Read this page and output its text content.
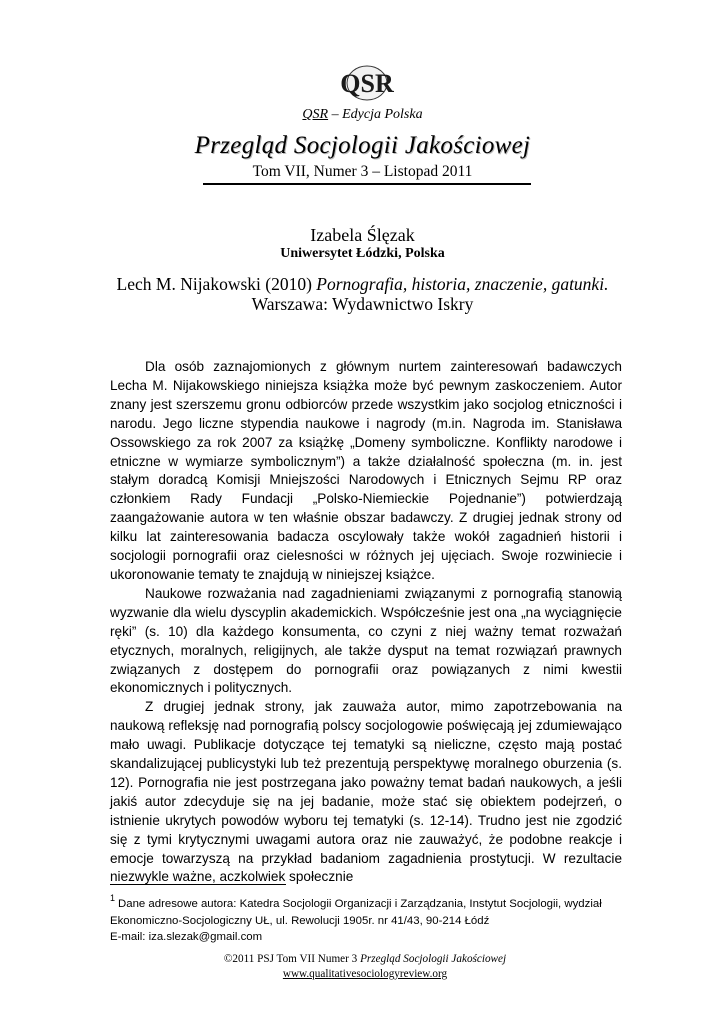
QSR
QSR – Edycja Polska
Przegląd Socjologii Jakościowej
Tom VII, Numer 3 – Listopad 2011
Izabela Ślęzak
Uniwersytet Łódzki, Polska
Lech M. Nijakowski (2010) Pornografia, historia, znaczenie, gatunki.
Warszawa: Wydawnictwo Iskry

Dla osób zaznajomionych z głównym nurtem zainteresowań badawczych Lecha M. Nijakowskiego niniejsza książka może być pewnym zaskoczeniem. Autor znany jest szerszemu gronu odbiorców przede wszystkim jako socjolog etniczności i narodu. Jego liczne stypendia naukowe i nagrody (m.in. Nagroda im. Stanisława Ossowskiego za rok 2007 za książkę „Domeny symboliczne. Konflikty narodowe i etniczne w wymiarze symbolicznym”) a także działalność społeczna (m. in. jest stałym doradcą Komisji Mniejszości Narodowych i Etnicznych Sejmu RP oraz członkiem Rady Fundacji „Polsko-Niemieckie Pojednanie”) potwierdzają zaangażowanie autora w ten właśnie obszar badawczy. Z drugiej jednak strony od kilku lat zainteresowania badacza oscylowały także wokół zagadnień historii i socjologii pornografii oraz cielesności w różnych jej ujęciach. Swoje rozwiniecie i ukoronowanie tematy te znajdują w niniejszej książce.

Naukowe rozważania nad zagadnieniami związanymi z pornografią stanowią wyzwanie dla wielu dyscyplin akademickich. Współcześnie jest ona „na wyciągnięcie ręki” (s. 10) dla każdego konsumenta, co czyni z niej ważny temat rozważań etycznych, moralnych, religijnych, ale także dysput na temat rozwiązań prawnych związanych z dostępem do pornografii oraz powiązanych z nimi kwestii ekonomicznych i politycznych.

Z drugiej jednak strony, jak zauważa autor, mimo zapotrzebowania na naukową refleksję nad pornografią polscy socjologowie poświęcają jej zdumiewająco mało uwagi. Publikacje dotyczące tej tematyki są nieliczne, często mają postać skandalizującej publicystyki lub też prezentują perspektywę moralnego oburzenia (s. 12). Pornografia nie jest postrzegana jako poważny temat badań naukowych, a jeśli jakiś autor zdecyduje się na jej badanie, może stać się obiektem podejrzeń, o istnienie ukrytych powodów wyboru tej tematyki (s. 12-14). Trudno jest nie zgodzić się z tymi krytycznymi uwagami autora oraz nie zauważyć, że podobne reakcje i emocje towarzyszą na przykład badaniom zagadnienia prostytucji. W rezultacie niezwykle ważne, aczkolwiek społecznie

$^1$ Dane adresowe autora: Katedra Socjologii Organizacji i Zarządzania, Instytut Socjologii, wydział Ekonomiczno-Socjologiczny UŁ, ul. Rewolucji 1905r. nr 41/43, 90-214 Łódź
E-mail: iza.slezak@gmail.com
©2011 PSJ Tom VII Numer 3 Przegląd Socjologii Jakościowej
www.qualitativesociologyreview.org
